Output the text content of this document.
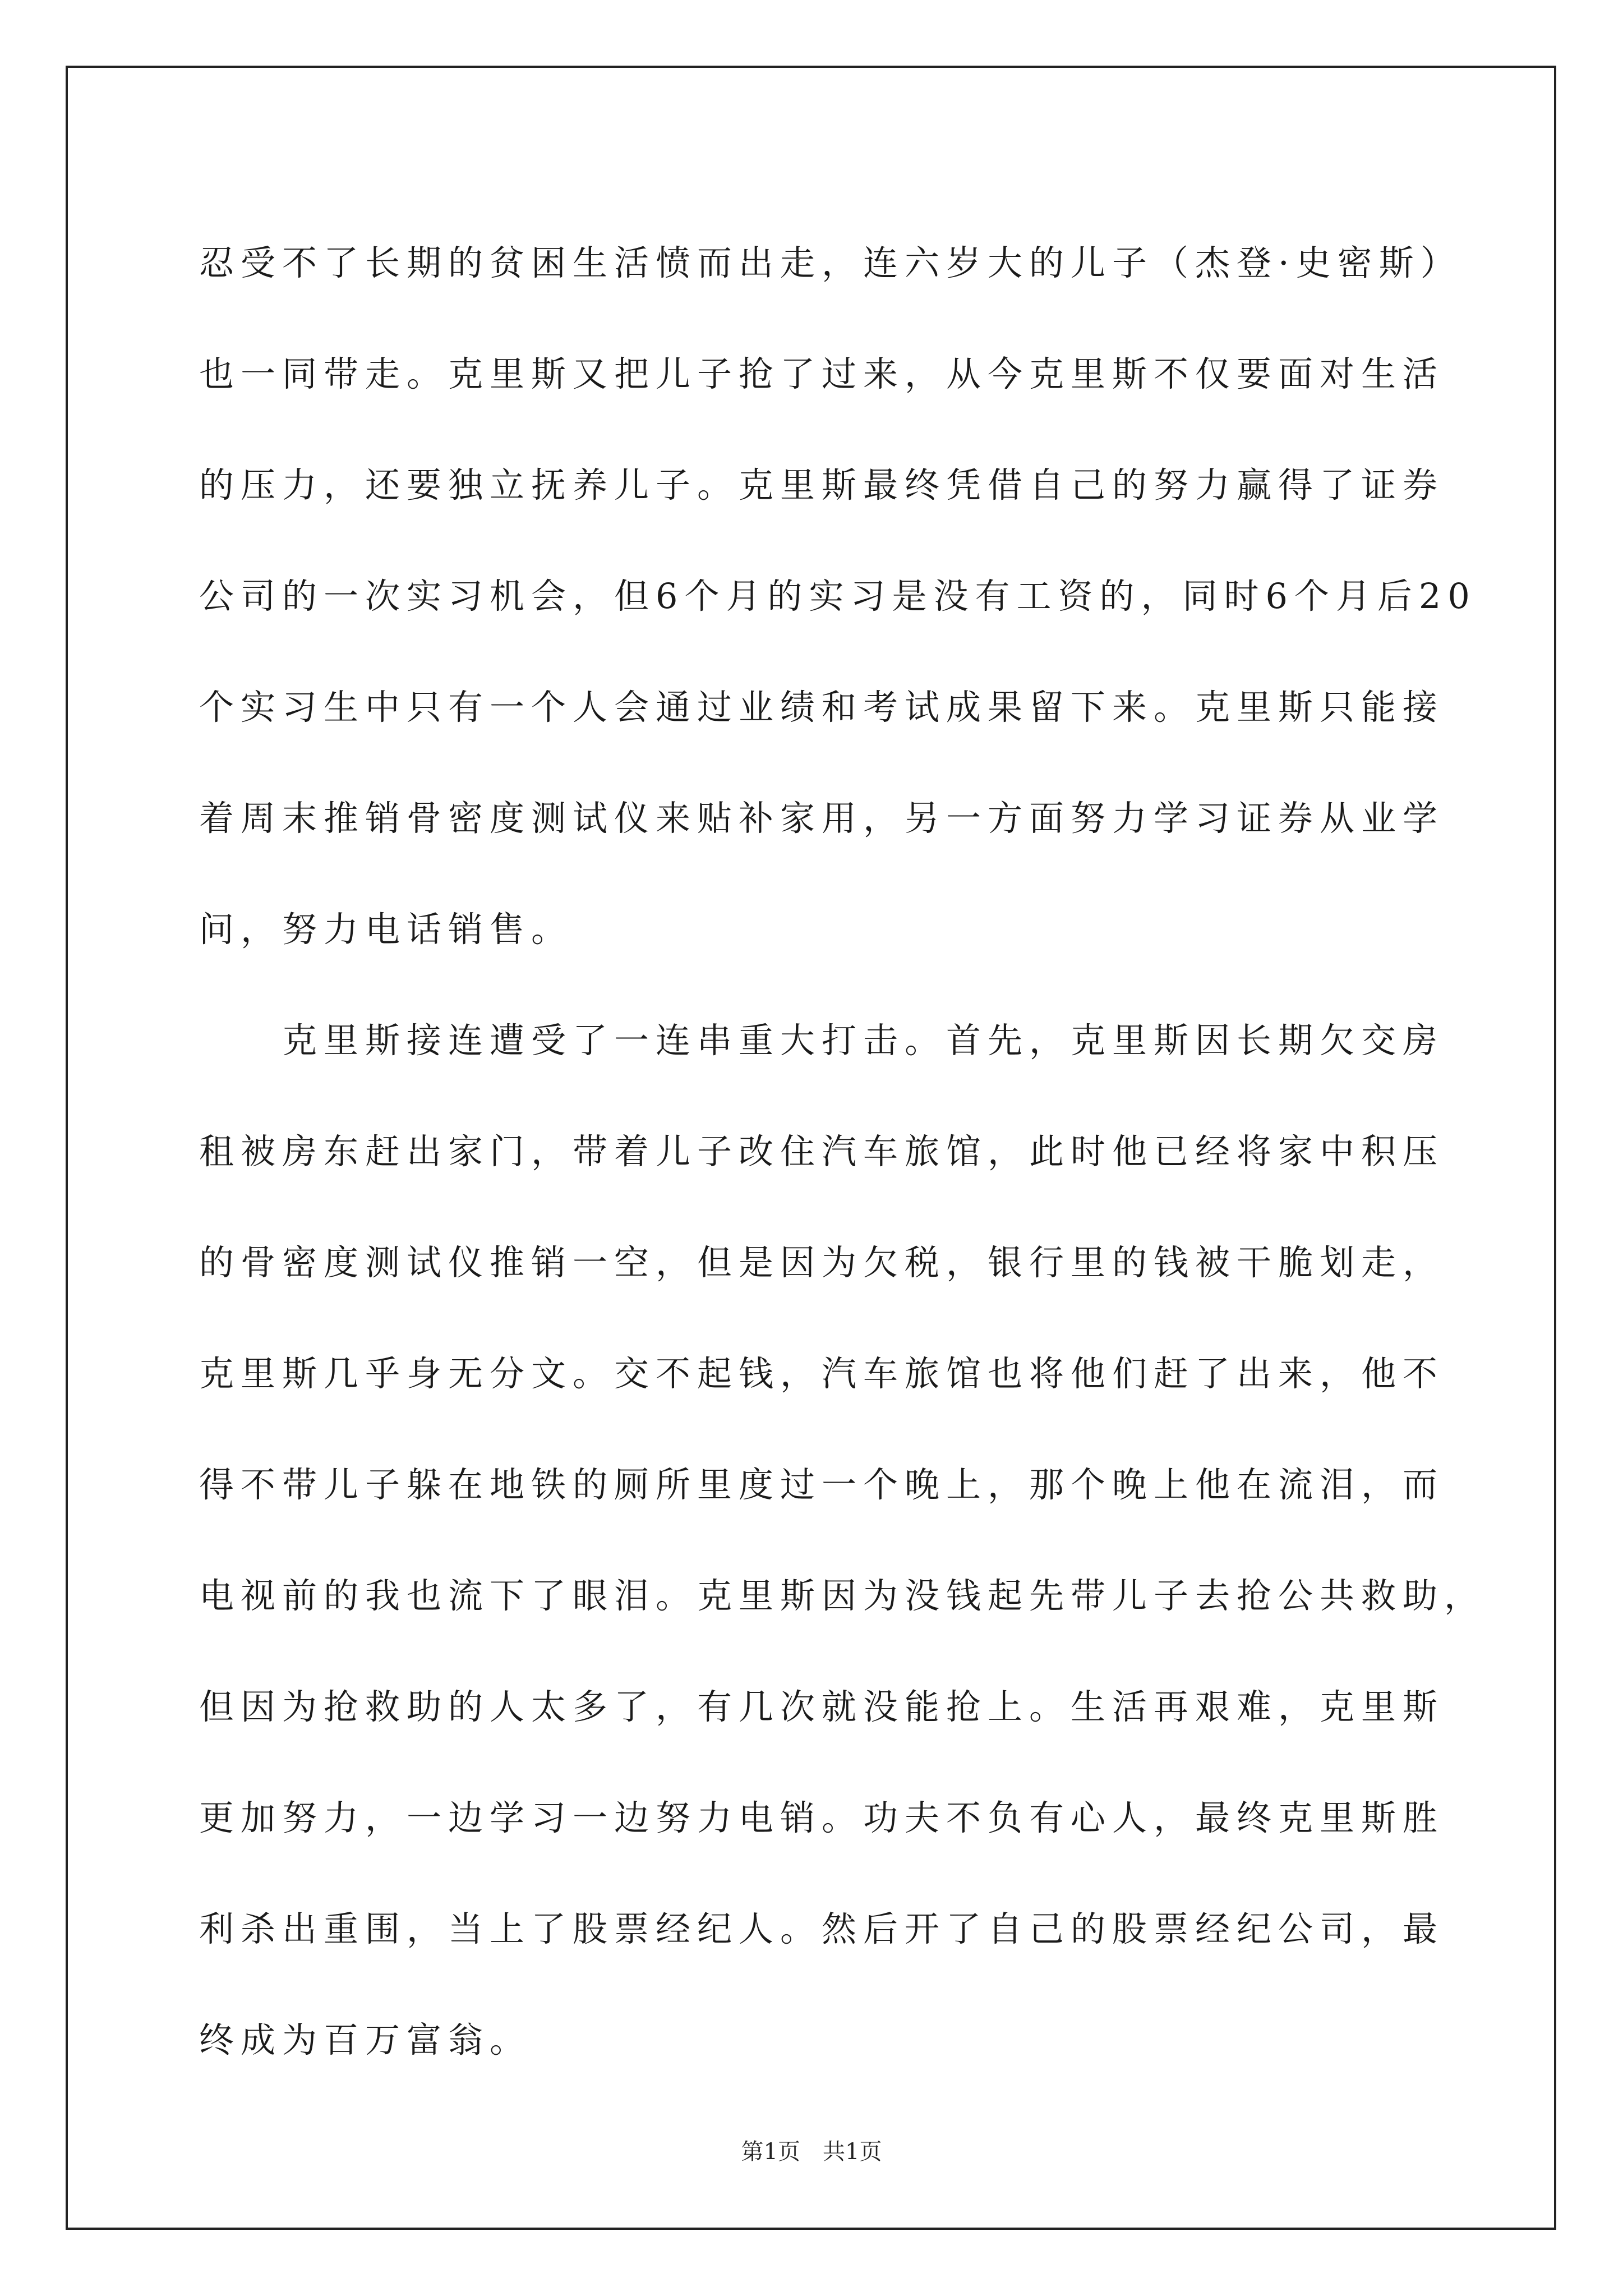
忍受不了长期的贫困生活愤而出走，连六岁大的儿子（杰登·史密斯）
也一同带走。克里斯又把儿子抢了过来，从今克里斯不仅要面对生活
的压力，还要独立抚养儿子。克里斯最终凭借自己的努力赢得了证券
公司的一次实习机会，但6个月的实习是没有工资的，同时6个月后20
个实习生中只有一个人会通过业绩和考试成果留下来。克里斯只能接
着周末推销骨密度测试仪来贴补家用，另一方面努力学习证券从业学
问，努力电话销售。

克里斯接连遭受了一连串重大打击。首先，克里斯因长期欠交房
租被房东赶出家门，带着儿子改住汽车旅馆，此时他已经将家中积压
的骨密度测试仪推销一空，但是因为欠税，银行里的钱被干脆划走，
克里斯几乎身无分文。交不起钱，汽车旅馆也将他们赶了出来，他不
得不带儿子躲在地铁的厕所里度过一个晚上，那个晚上他在流泪，而
电视前的我也流下了眼泪。克里斯因为没钱起先带儿子去抢公共救助，
但因为抢救助的人太多了，有几次就没能抢上。生活再艰难，克里斯
更加努力，一边学习一边努力电销。功夫不负有心人，最终克里斯胜
利杀出重围，当上了股票经纪人。然后开了自己的股票经纪公司，最
终成为百万富翁。

第1页 共1页
